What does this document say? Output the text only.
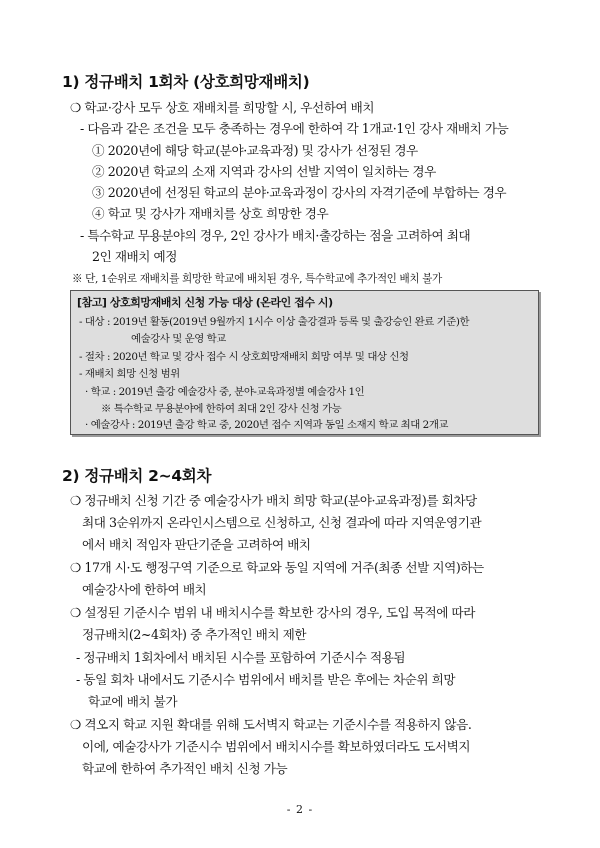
1) 정규배치 1회차 (상호희망재배치)
❍ 학교·강사 모두 상호 재배치를 희망할 시, 우선하여 배치
- 다음과 같은 조건을 모두 충족하는 경우에 한하여 각 1개교·1인 강사 재배치 가능
① 2020년에 해당 학교(분야·교육과정) 및 강사가 선정된 경우
② 2020년 학교의 소재 지역과 강사의 선발 지역이 일치하는 경우
③ 2020년에 선정된 학교의 분야·교육과정이 강사의 자격기준에 부합하는 경우
④ 학교 및 강사가 재배치를 상호 희망한 경우
- 특수학교 무용분야의 경우, 2인 강사가 배치·출강하는 점을 고려하여 최대
2인 재배치 예정
※ 단, 1순위로 재배치를 희망한 학교에 배치된 경우, 특수학교에 추가적인 배치 불가
[참고] 상호희망재배치 신청 가능 대상 (온라인 접수 시)
- 대상 : 2019년 활동(2019년 9월까지 1시수 이상 출강결과 등록 및 출강승인 완료 기준)한
예술강사 및 운영 학교
- 절차 : 2020년 학교 및 강사 접수 시 상호희망재배치 희망 여부 및 대상 신청
- 재배치 희망 신청 범위
· 학교 : 2019년 출강 예술강사 중, 분야-교육과정별 예술강사 1인
※ 특수학교 무용분야에 한하여 최대 2인 강사 신청 가능
· 예술강사 : 2019년 출강 학교 중, 2020년 접수 지역과 동일 소재지 학교 최대 2개교
2) 정규배치 2~4회차
❍ 정규배치 신청 기간 중 예술강사가 배치 희망 학교(분야·교육과정)를 회차당
최대 3순위까지 온라인시스템으로 신청하고, 신청 결과에 따라 지역운영기관
에서 배치 적임자 판단기준을 고려하여 배치
❍ 17개 시·도 행정구역 기준으로 학교와 동일 지역에 거주(최종 선발 지역)하는
예술강사에 한하여 배치
❍ 설정된 기준시수 범위 내 배치시수를 확보한 강사의 경우, 도입 목적에 따라
정규배치(2~4회차) 중 추가적인 배치 제한
- 정규배치 1회차에서 배치된 시수를 포함하여 기준시수 적용됨
- 동일 회차 내에서도 기준시수 범위에서 배치를 받은 후에는 차순위 희망
학교에 배치 불가
❍ 격오지 학교 지원 확대를 위해 도서벽지 학교는 기준시수를 적용하지 않음.
이에, 예술강사가 기준시수 범위에서 배치시수를 확보하였더라도 도서벽지
학교에 한하여 추가적인 배치 신청 가능
- 2 -
